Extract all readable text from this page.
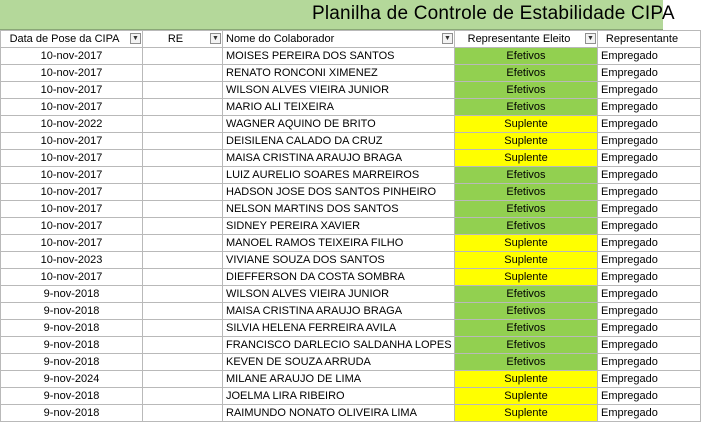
Planilha de Controle de Estabilidade CIPA
Data de Pose da CIPA ▼	RE ▼	Nome do Colaborador ▼	Representante Eleito ▼	Representante

10-nov-2017		MOISES PEREIRA DOS SANTOS	Efetivos	Empregado
10-nov-2017		RENATO RONCONI XIMENEZ	Efetivos	Empregado
10-nov-2017		WILSON ALVES VIEIRA JUNIOR	Efetivos	Empregado
10-nov-2017		MARIO ALI TEIXEIRA	Efetivos	Empregado
10-nov-2022		WAGNER AQUINO DE BRITO	Suplente	Empregado
10-nov-2017		DEISILENA CALADO DA CRUZ	Suplente	Empregado
10-nov-2017		MAISA CRISTINA ARAUJO BRAGA	Suplente	Empregado
10-nov-2017		LUIZ AURELIO SOARES MARREIROS	Efetivos	Empregado
10-nov-2017		HADSON JOSE DOS SANTOS PINHEIRO	Efetivos	Empregado
10-nov-2017		NELSON MARTINS DOS SANTOS	Efetivos	Empregado
10-nov-2017		SIDNEY PEREIRA XAVIER	Efetivos	Empregado
10-nov-2017		MANOEL RAMOS TEIXEIRA FILHO	Suplente	Empregado
10-nov-2023		VIVIANE SOUZA DOS SANTOS	Suplente	Empregado
10-nov-2017		DIEFFERSON DA COSTA SOMBRA	Suplente	Empregado
9-nov-2018		WILSON ALVES VIEIRA JUNIOR	Efetivos	Empregado
9-nov-2018		MAISA CRISTINA ARAUJO BRAGA	Efetivos	Empregado
9-nov-2018		SILVIA HELENA FERREIRA AVILA	Efetivos	Empregado
9-nov-2018		FRANCISCO DARLECIO SALDANHA LOPES	Efetivos	Empregado
9-nov-2018		KEVEN DE SOUZA ARRUDA	Efetivos	Empregado
9-nov-2024		MILANE ARAUJO DE LIMA	Suplente	Empregado
9-nov-2018		JOELMA LIRA RIBEIRO	Suplente	Empregado
9-nov-2018		RAIMUNDO NONATO OLIVEIRA LIMA	Suplente	Empregado
